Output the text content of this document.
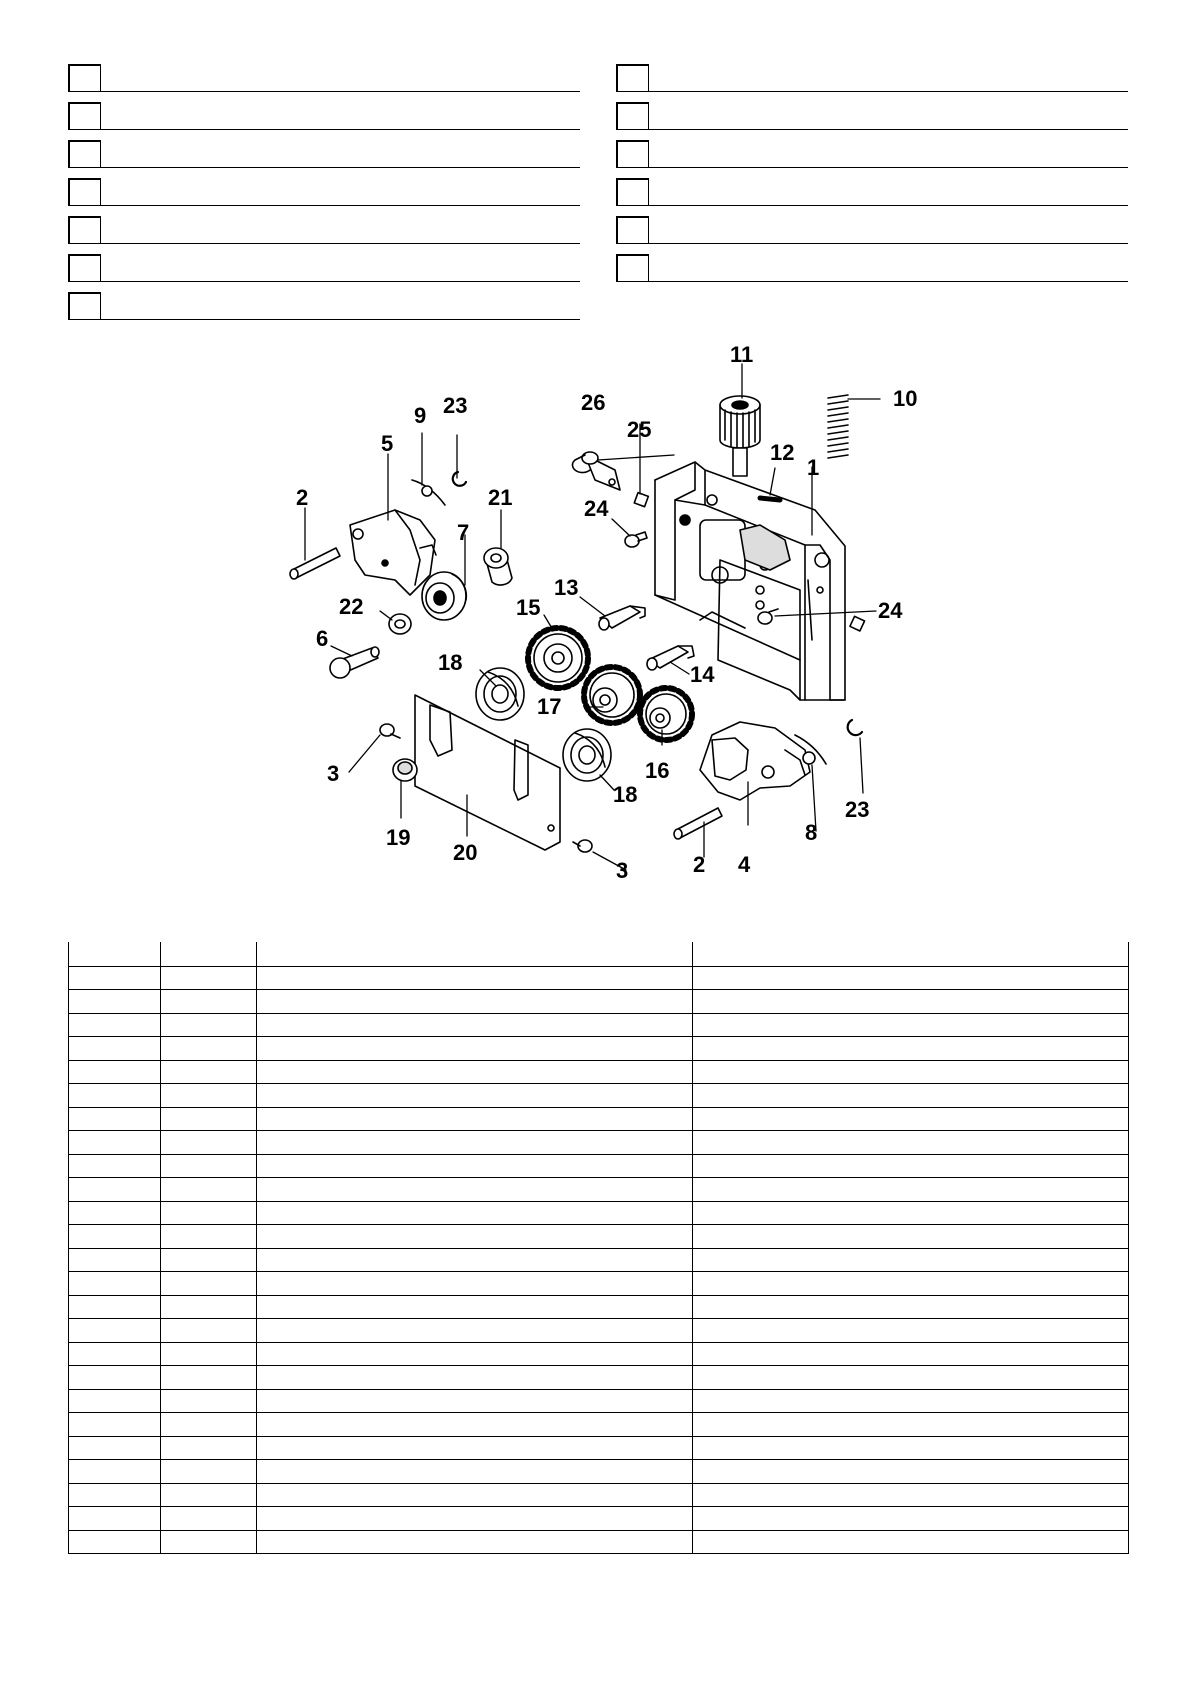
11
10
12
1
26
25
24
24
13
15
14
18
17
16
18
2
5
9 23
21
7
22
6
3
19
20
3	2 4
8
23
